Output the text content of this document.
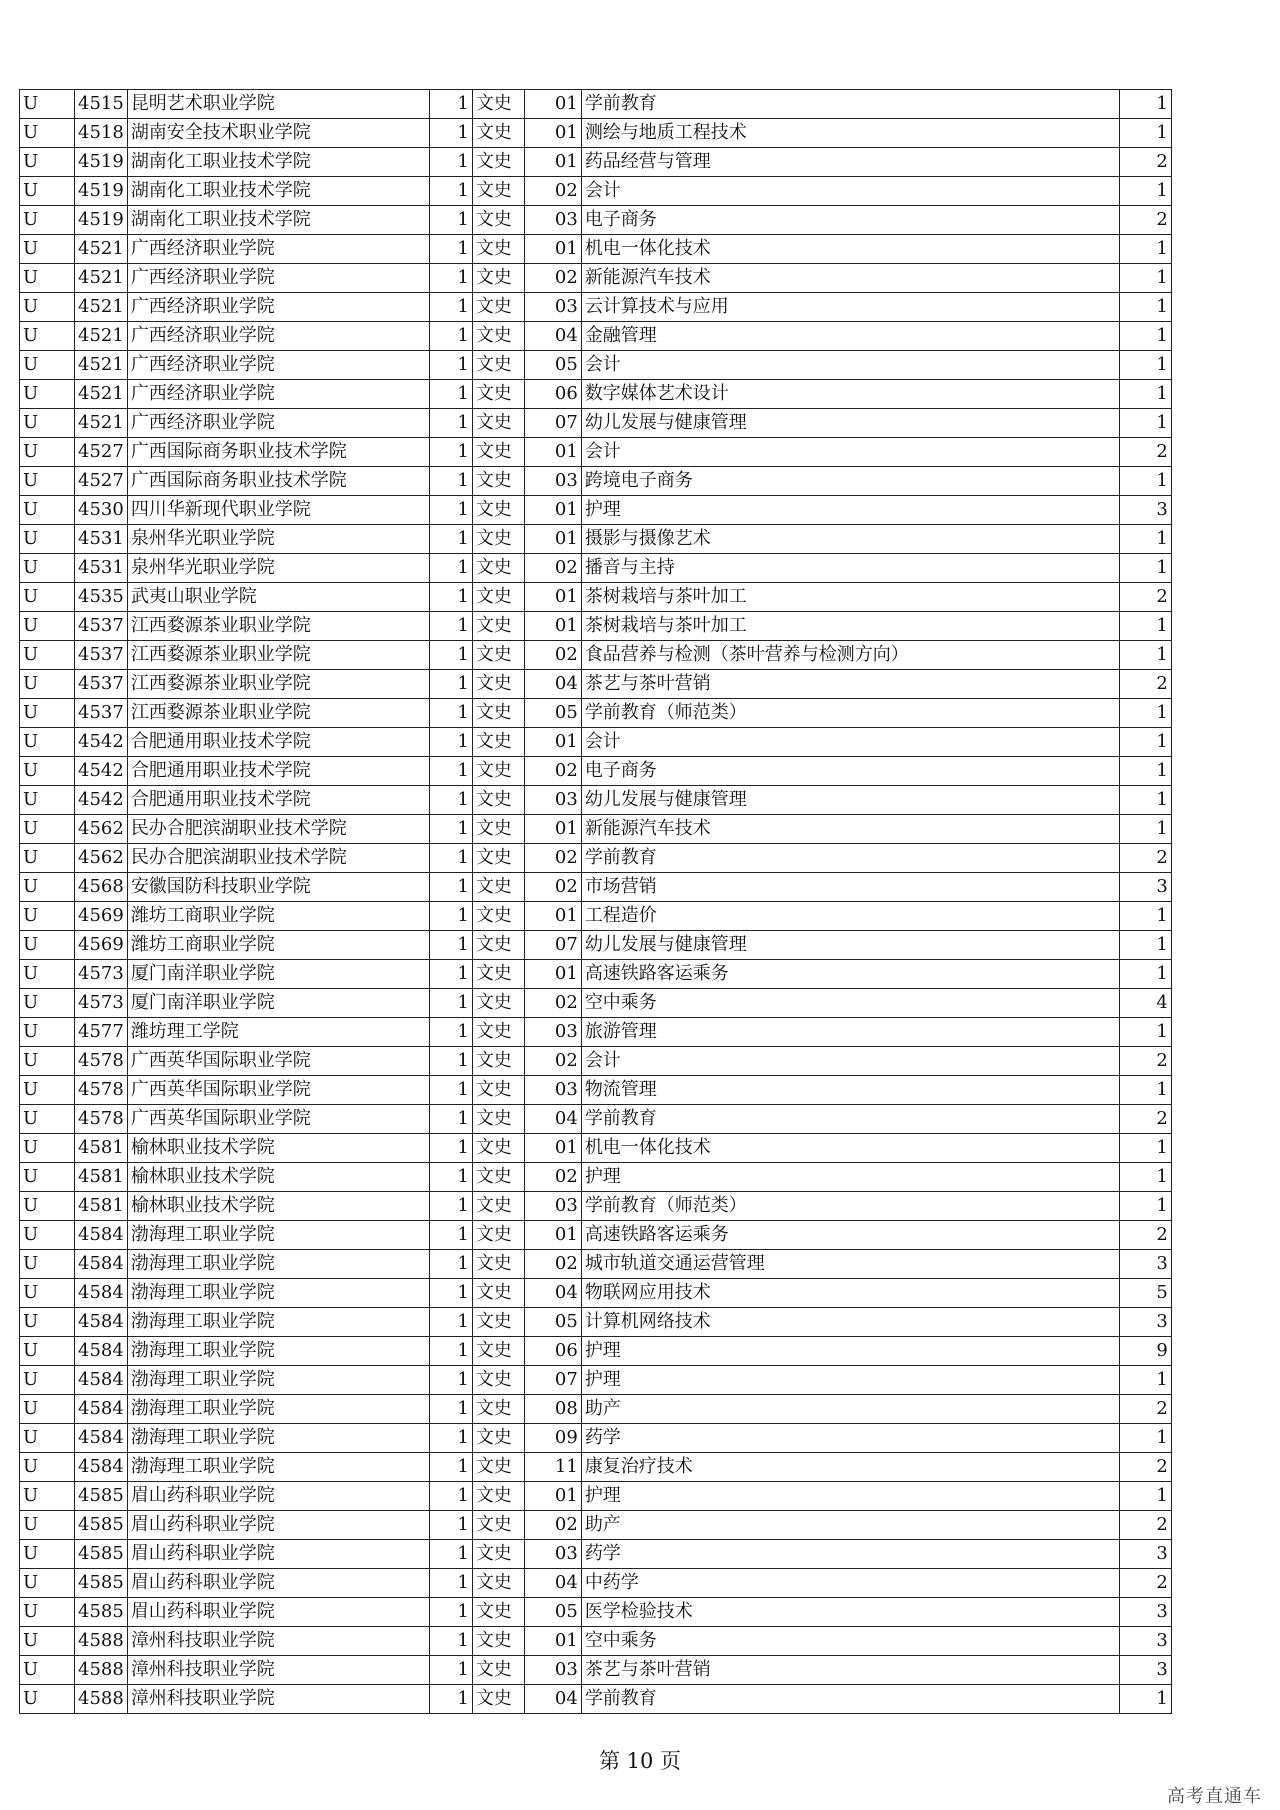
U	4515	昆明艺术职业学院	1	文史	01	学前教育	1
U	4518	湖南安全技术职业学院	1	文史	01	测绘与地质工程技术	1
U	4519	湖南化工职业技术学院	1	文史	01	药品经营与管理	2
U	4519	湖南化工职业技术学院	1	文史	02	会计	1
U	4519	湖南化工职业技术学院	1	文史	03	电子商务	2
U	4521	广西经济职业学院	1	文史	01	机电一体化技术	1
U	4521	广西经济职业学院	1	文史	02	新能源汽车技术	1
U	4521	广西经济职业学院	1	文史	03	云计算技术与应用	1
U	4521	广西经济职业学院	1	文史	04	金融管理	1
U	4521	广西经济职业学院	1	文史	05	会计	1
U	4521	广西经济职业学院	1	文史	06	数字媒体艺术设计	1
U	4521	广西经济职业学院	1	文史	07	幼儿发展与健康管理	1
U	4527	广西国际商务职业技术学院	1	文史	01	会计	2
U	4527	广西国际商务职业技术学院	1	文史	03	跨境电子商务	1
U	4530	四川华新现代职业学院	1	文史	01	护理	3
U	4531	泉州华光职业学院	1	文史	01	摄影与摄像艺术	1
U	4531	泉州华光职业学院	1	文史	02	播音与主持	1
U	4535	武夷山职业学院	1	文史	01	茶树栽培与茶叶加工	2
U	4537	江西婺源茶业职业学院	1	文史	01	茶树栽培与茶叶加工	1
U	4537	江西婺源茶业职业学院	1	文史	02	食品营养与检测（茶叶营养与检测方向）	1
U	4537	江西婺源茶业职业学院	1	文史	04	茶艺与茶叶营销	2
U	4537	江西婺源茶业职业学院	1	文史	05	学前教育（师范类）	1
U	4542	合肥通用职业技术学院	1	文史	01	会计	1
U	4542	合肥通用职业技术学院	1	文史	02	电子商务	1
U	4542	合肥通用职业技术学院	1	文史	03	幼儿发展与健康管理	1
U	4562	民办合肥滨湖职业技术学院	1	文史	01	新能源汽车技术	1
U	4562	民办合肥滨湖职业技术学院	1	文史	02	学前教育	2
U	4568	安徽国防科技职业学院	1	文史	02	市场营销	3
U	4569	潍坊工商职业学院	1	文史	01	工程造价	1
U	4569	潍坊工商职业学院	1	文史	07	幼儿发展与健康管理	1
U	4573	厦门南洋职业学院	1	文史	01	高速铁路客运乘务	1
U	4573	厦门南洋职业学院	1	文史	02	空中乘务	4
U	4577	潍坊理工学院	1	文史	03	旅游管理	1
U	4578	广西英华国际职业学院	1	文史	02	会计	2
U	4578	广西英华国际职业学院	1	文史	03	物流管理	1
U	4578	广西英华国际职业学院	1	文史	04	学前教育	2
U	4581	榆林职业技术学院	1	文史	01	机电一体化技术	1
U	4581	榆林职业技术学院	1	文史	02	护理	1
U	4581	榆林职业技术学院	1	文史	03	学前教育（师范类）	1
U	4584	渤海理工职业学院	1	文史	01	高速铁路客运乘务	2
U	4584	渤海理工职业学院	1	文史	02	城市轨道交通运营管理	3
U	4584	渤海理工职业学院	1	文史	04	物联网应用技术	5
U	4584	渤海理工职业学院	1	文史	05	计算机网络技术	3
U	4584	渤海理工职业学院	1	文史	06	护理	9
U	4584	渤海理工职业学院	1	文史	07	护理	1
U	4584	渤海理工职业学院	1	文史	08	助产	2
U	4584	渤海理工职业学院	1	文史	09	药学	1
U	4584	渤海理工职业学院	1	文史	11	康复治疗技术	2
U	4585	眉山药科职业学院	1	文史	01	护理	1
U	4585	眉山药科职业学院	1	文史	02	助产	2
U	4585	眉山药科职业学院	1	文史	03	药学	3
U	4585	眉山药科职业学院	1	文史	04	中药学	2
U	4585	眉山药科职业学院	1	文史	05	医学检验技术	3
U	4588	漳州科技职业学院	1	文史	01	空中乘务	3
U	4588	漳州科技职业学院	1	文史	03	茶艺与茶叶营销	3
U	4588	漳州科技职业学院	1	文史	04	学前教育	1
第 10 页
高考直通车
